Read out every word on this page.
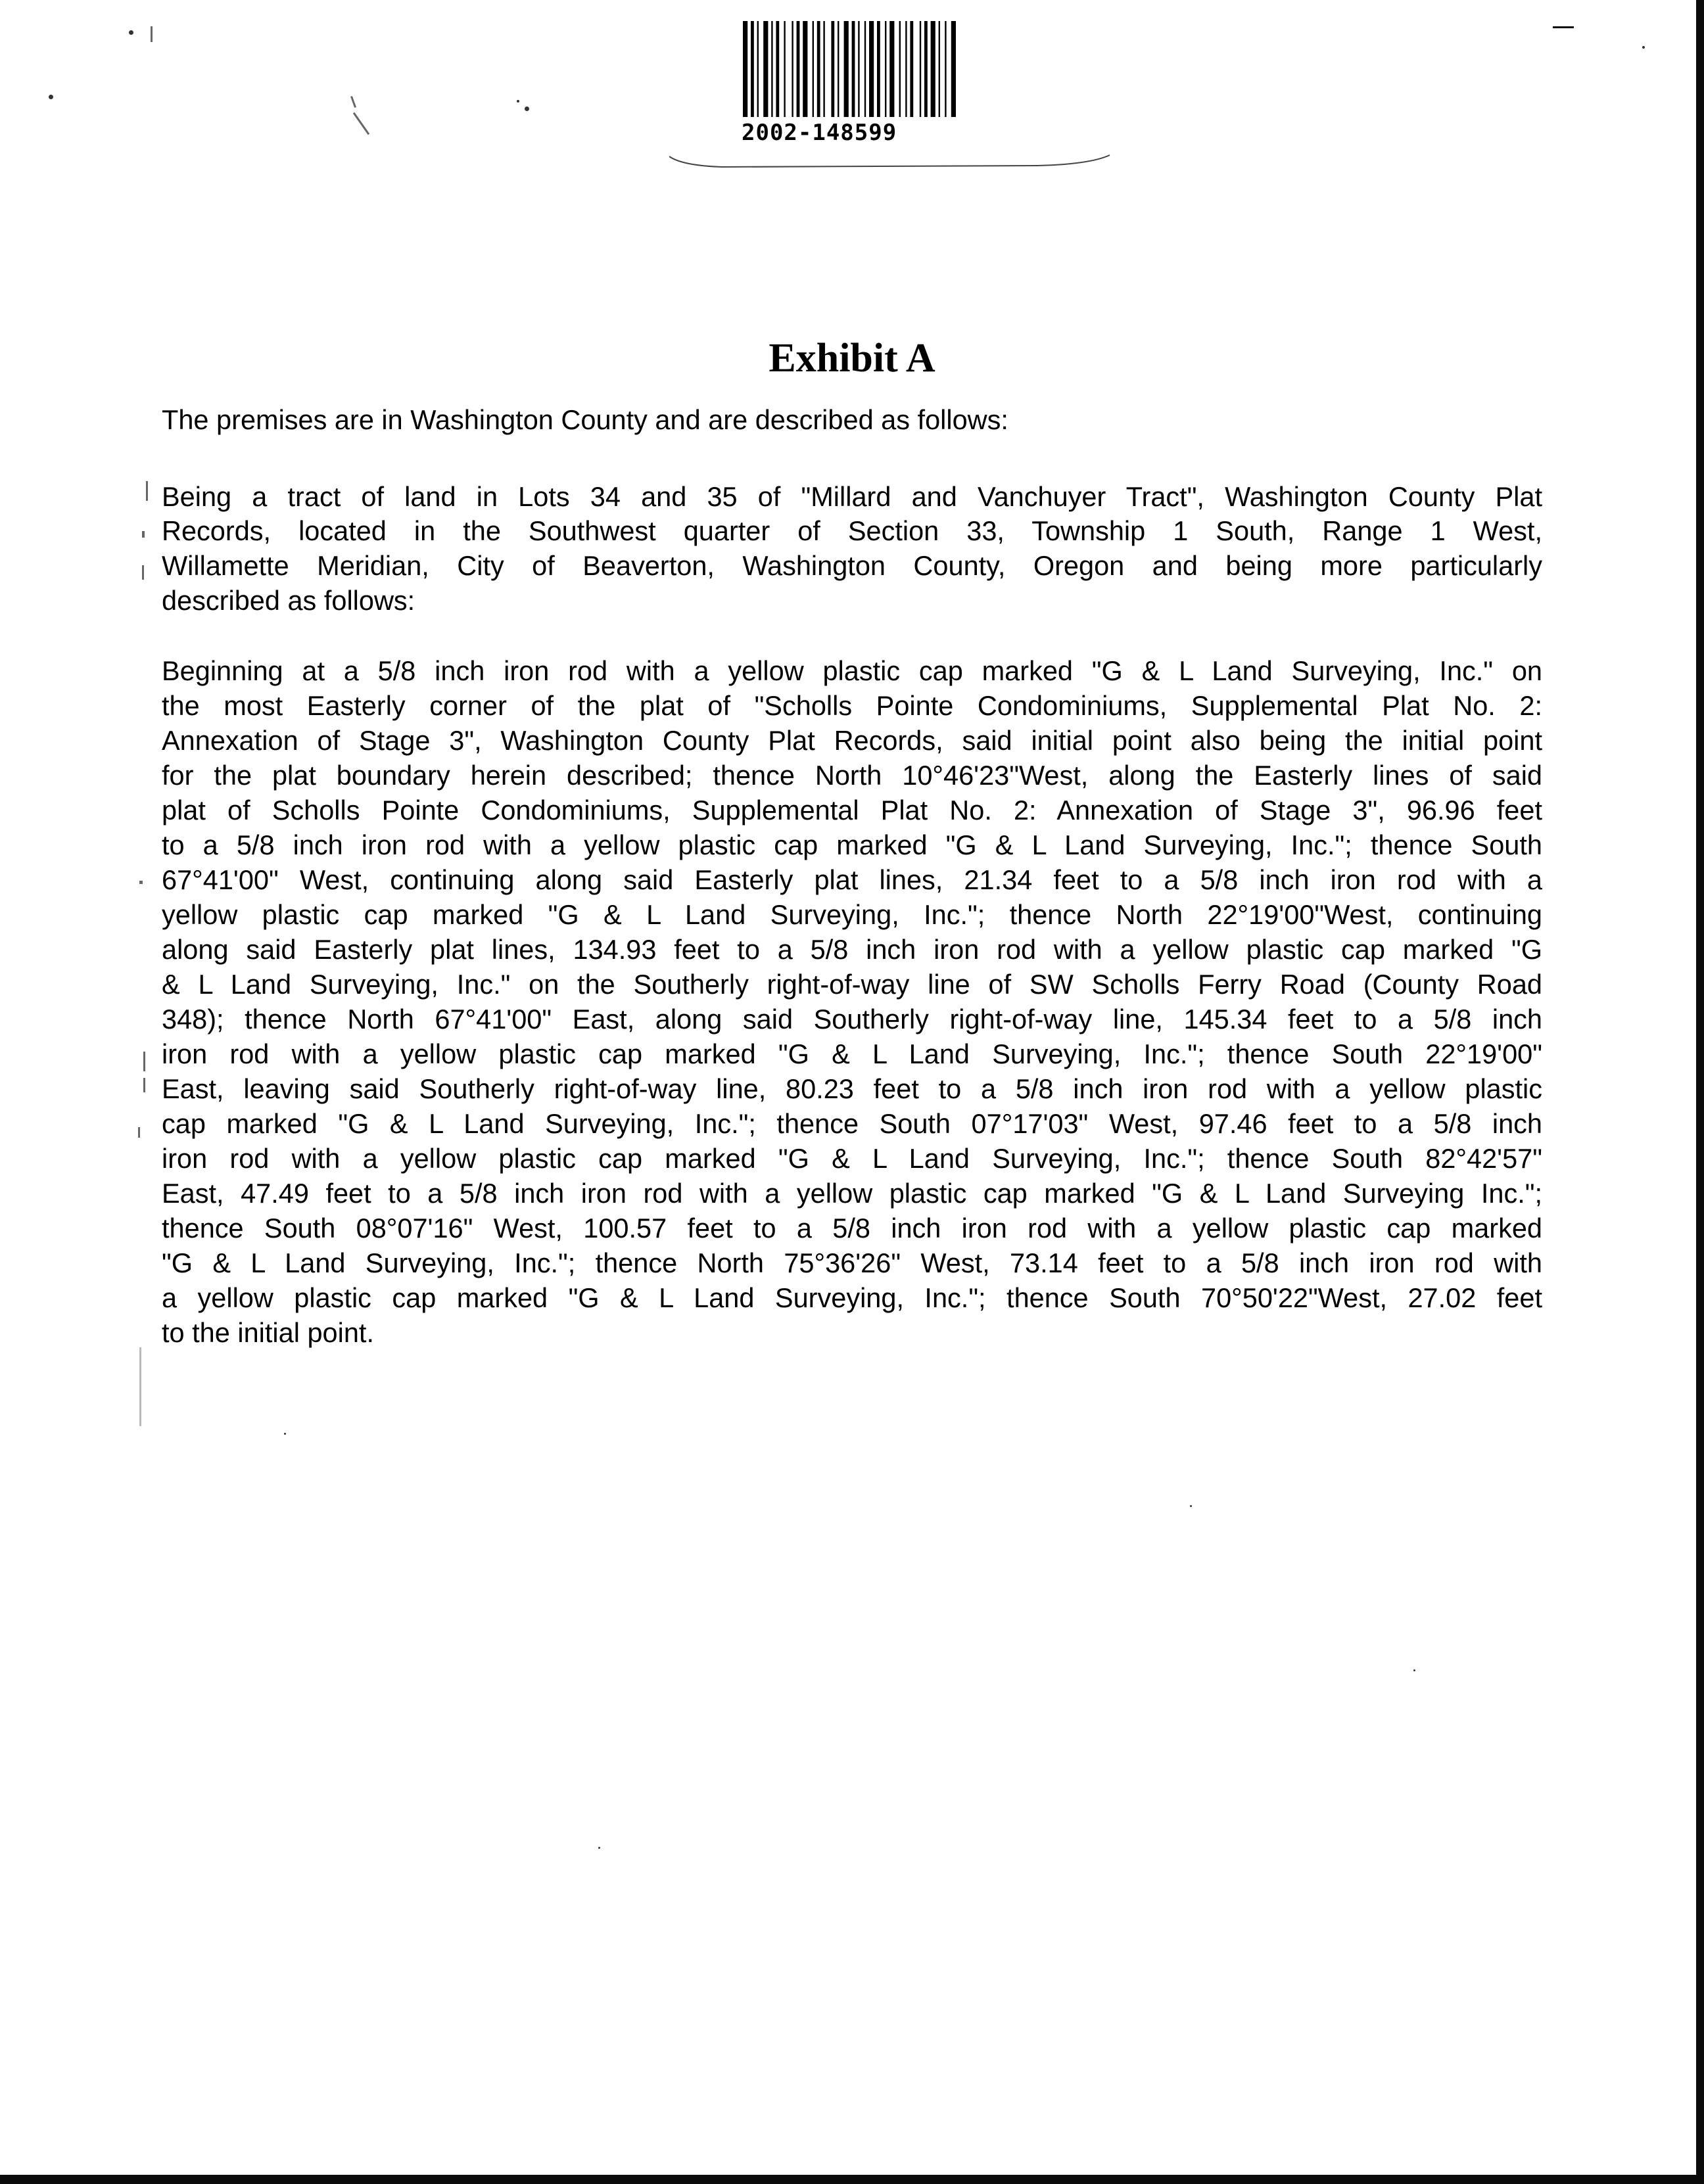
2002-148599
Exhibit A
The premises are in Washington County and are described as follows:
Being a tract of land in Lots 34 and 35 of "Millard and Vanchuyer Tract", Washington County Plat
Records, located in the Southwest quarter of Section 33, Township 1 South, Range 1 West,
Willamette Meridian, City of Beaverton, Washington County, Oregon and being more particularly
described as follows:
Beginning at a 5/8 inch iron rod with a yellow plastic cap marked "G & L Land Surveying, Inc." on
the most Easterly corner of the plat of "Scholls Pointe Condominiums, Supplemental Plat No. 2:
Annexation of Stage 3", Washington County Plat Records, said initial point also being the initial point
for the plat boundary herein described; thence North 10°46'23"West, along the Easterly lines of said
plat of Scholls Pointe Condominiums, Supplemental Plat No. 2: Annexation of Stage 3", 96.96 feet
to a 5/8 inch iron rod with a yellow plastic cap marked "G & L Land Surveying, Inc."; thence South
67°41'00" West, continuing along said Easterly plat lines, 21.34 feet to a 5/8 inch iron rod with a
yellow plastic cap marked "G & L Land Surveying, Inc."; thence North 22°19'00"West, continuing
along said Easterly plat lines, 134.93 feet to a 5/8 inch iron rod with a yellow plastic cap marked "G
& L Land Surveying, Inc." on the Southerly right-of-way line of SW Scholls Ferry Road (County Road
348); thence North 67°41'00" East, along said Southerly right-of-way line, 145.34 feet to a 5/8 inch
iron rod with a yellow plastic cap marked "G & L Land Surveying, Inc."; thence South 22°19'00"
East, leaving said Southerly right-of-way line, 80.23 feet to a 5/8 inch iron rod with a yellow plastic
cap marked "G & L Land Surveying, Inc."; thence South 07°17'03" West, 97.46 feet to a 5/8 inch
iron rod with a yellow plastic cap marked "G & L Land Surveying, Inc."; thence South 82°42'57"
East, 47.49 feet to a 5/8 inch iron rod with a yellow plastic cap marked "G & L Land Surveying Inc.";
thence South 08°07'16" West, 100.57 feet to a 5/8 inch iron rod with a yellow plastic cap marked
"G & L Land Surveying, Inc."; thence North 75°36'26" West, 73.14 feet to a 5/8 inch iron rod with
a yellow plastic cap marked "G & L Land Surveying, Inc."; thence South 70°50'22"West, 27.02 feet
to the initial point.
